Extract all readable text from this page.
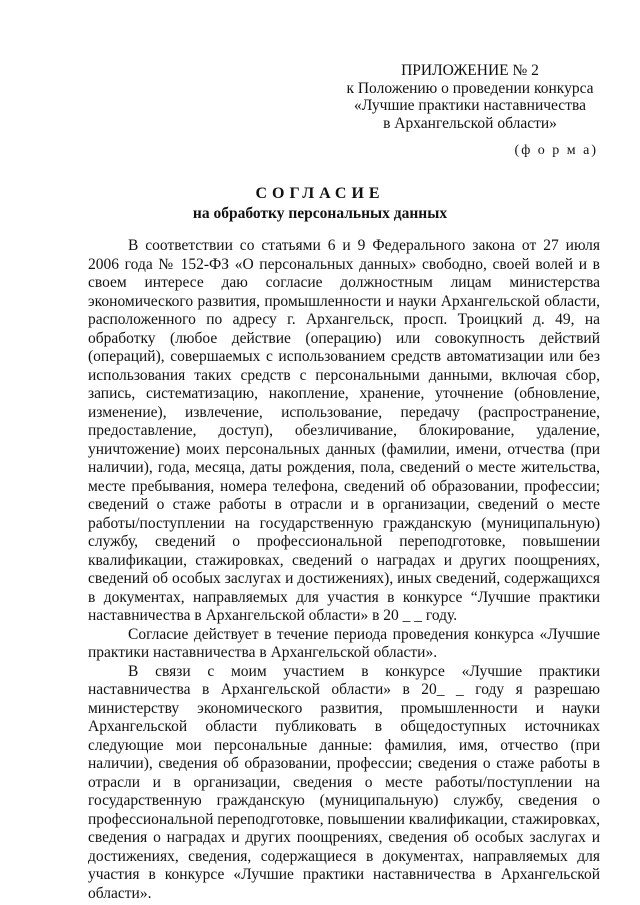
ПРИЛОЖЕНИЕ № 2
к Положению о проведении конкурса
«Лучшие практики наставничества
в Архангельской области»
(ф о р м а)
СОГЛАСИЕ
на обработку персональных данных

В соответствии со статьями 6 и 9 Федерального закона от 27 июля 2006 года № 152-ФЗ «О персональных данных» свободно, своей волей и в своем интересе даю согласие должностным лицам министерства экономического развития, промышленности и науки Архангельской области, расположенного по адресу г. Архангельск, просп. Троицкий д. 49, на обработку (любое действие (операцию) или совокупность действий (операций), совершаемых с использованием средств автоматизации или без использования таких средств с персональными данными, включая сбор, запись, систематизацию, накопление, хранение, уточнение (обновление, изменение), извлечение, использование, передачу (распространение, предоставление, доступ), обезличивание, блокирование, удаление, уничтожение) моих персональных данных (фамилии, имени, отчества (при наличии), года, месяца, даты рождения, пола, сведений о месте жительства, месте пребывания, номера телефона, сведений об образовании, профессии; сведений о стаже работы в отрасли и в организации, сведений о месте работы/поступлении на государственную гражданскую (муниципальную) службу, сведений о профессиональной переподготовке, повышении квалификации, стажировках, сведений о наградах и других поощрениях, сведений об особых заслугах и достижениях), иных сведений, содержащихся в документах, направляемых для участия в конкурсе “Лучшие практики наставничества в Архангельской области» в 20 _ _ году.

Согласие действует в течение периода проведения конкурса «Лучшие практики наставничества в Архангельской области».

В связи с моим участием в конкурсе «Лучшие практики наставничества в Архангельской области» в 20_ _ году я разрешаю министерству экономического развития, промышленности и науки Архангельской области публиковать в общедоступных источниках следующие мои персональные данные: фамилия, имя, отчество (при наличии), сведения об образовании, профессии; сведения о стаже работы в отрасли и в организации, сведения о месте работы/поступлении на государственную гражданскую (муниципальную) службу, сведения о профессиональной переподготовке, повышении квалификации, стажировках, сведения о наградах и других поощрениях, сведения об особых заслугах и достижениях, сведения, содержащиеся в документах, направляемых для участия в конкурсе «Лучшие практики наставничества в Архангельской области».
